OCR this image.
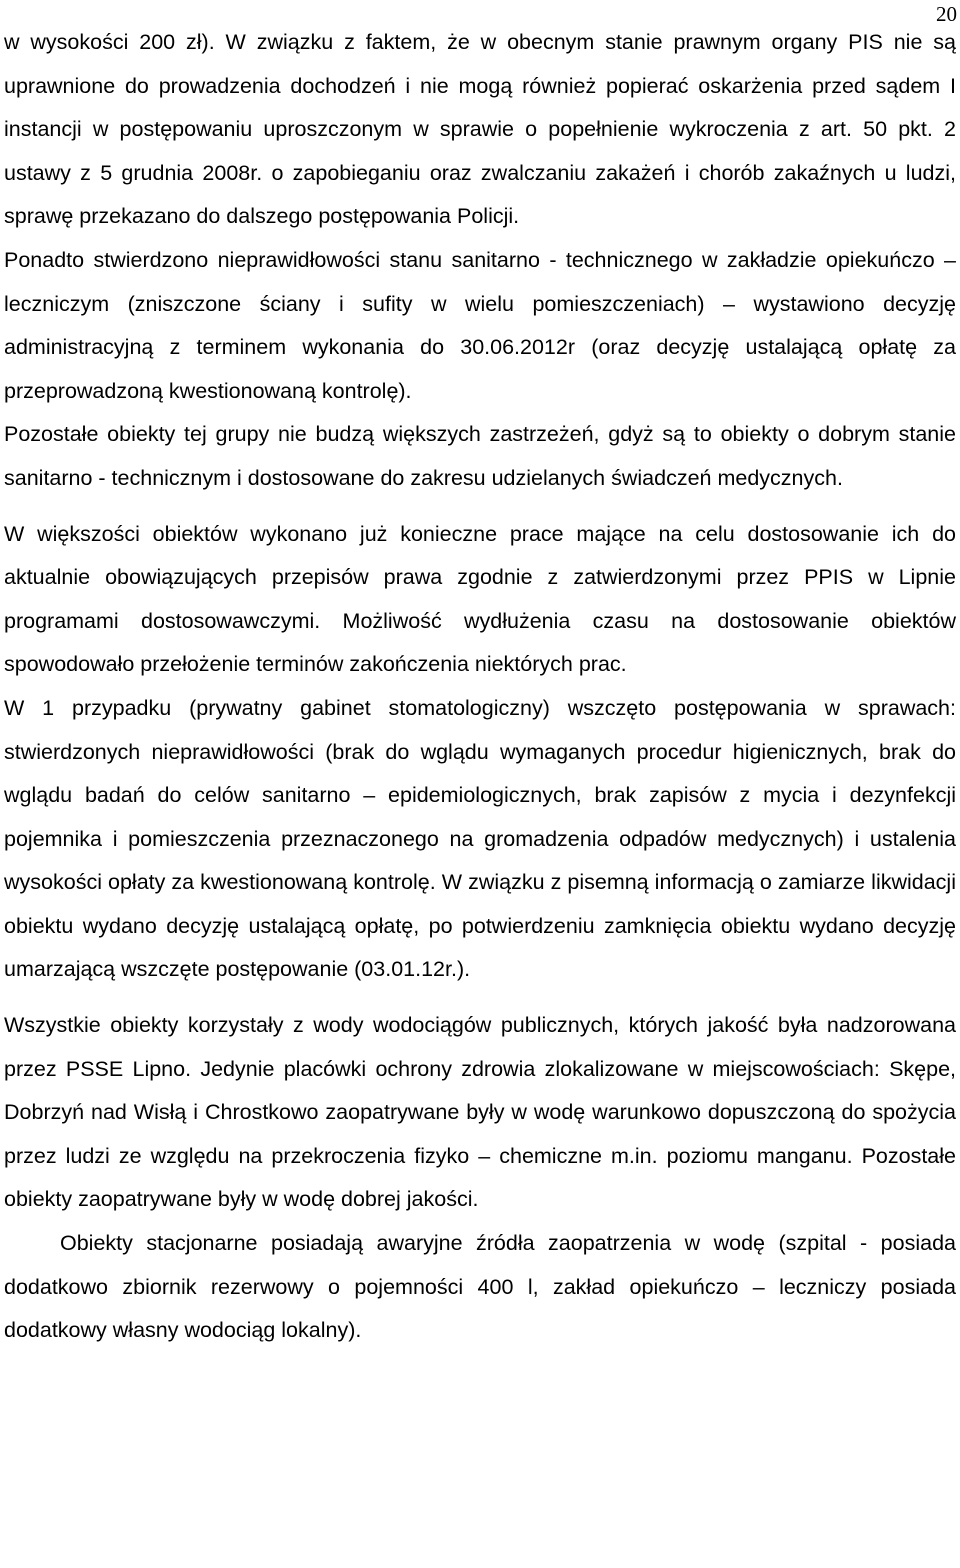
20

w wysokości 200 zł). W związku z faktem, że w obecnym stanie prawnym organy PIS nie są uprawnione do prowadzenia dochodzeń i nie mogą również popierać oskarżenia przed sądem I instancji w postępowaniu uproszczonym w sprawie o popełnienie wykroczenia z art. 50 pkt. 2 ustawy z 5 grudnia 2008r. o zapobieganiu oraz zwalczaniu zakażeń i chorób zakaźnych u ludzi, sprawę przekazano do dalszego postępowania Policji.

Ponadto stwierdzono nieprawidłowości stanu sanitarno - technicznego w zakładzie opiekuńczo – leczniczym (zniszczone ściany i sufity w wielu pomieszczeniach) – wystawiono decyzję administracyjną z terminem wykonania do 30.06.2012r (oraz decyzję ustalającą opłatę za przeprowadzoną kwestionowaną kontrolę).

Pozostałe obiekty tej grupy nie budzą większych zastrzeżeń, gdyż są to obiekty o dobrym stanie sanitarno - technicznym i dostosowane do zakresu udzielanych świadczeń medycznych.

W większości obiektów wykonano już konieczne prace mające na celu dostosowanie ich do aktualnie obowiązujących przepisów prawa zgodnie z zatwierdzonymi przez PPIS w Lipnie programami dostosowawczymi. Możliwość wydłużenia czasu na dostosowanie obiektów spowodowało przełożenie terminów zakończenia niektórych prac.

W 1 przypadku (prywatny gabinet stomatologiczny) wszczęto postępowania w sprawach: stwierdzonych nieprawidłowości (brak do wglądu wymaganych procedur higienicznych, brak do wglądu badań do celów sanitarno – epidemiologicznych, brak zapisów z mycia i dezynfekcji pojemnika i pomieszczenia przeznaczonego na gromadzenia odpadów medycznych) i ustalenia wysokości opłaty za kwestionowaną kontrolę. W związku z pisemną informacją o zamiarze likwidacji obiektu wydano decyzję ustalającą opłatę, po potwierdzeniu zamknięcia obiektu wydano decyzję umarzającą wszczęte postępowanie (03.01.12r.).

Wszystkie obiekty korzystały z wody wodociągów publicznych, których jakość była nadzorowana przez PSSE Lipno. Jedynie placówki ochrony zdrowia zlokalizowane w miejscowościach: Skępe, Dobrzyń nad Wisłą i Chrostkowo zaopatrywane były w wodę warunkowo dopuszczoną do spożycia przez ludzi ze względu na przekroczenia fizyko – chemiczne m.in. poziomu manganu. Pozostałe obiekty zaopatrywane były w wodę dobrej jakości.

Obiekty stacjonarne posiadają awaryjne źródła zaopatrzenia w wodę (szpital - posiada dodatkowo zbiornik rezerwowy o pojemności 400 l, zakład opiekuńczo – leczniczy posiada dodatkowy własny wodociąg lokalny).
